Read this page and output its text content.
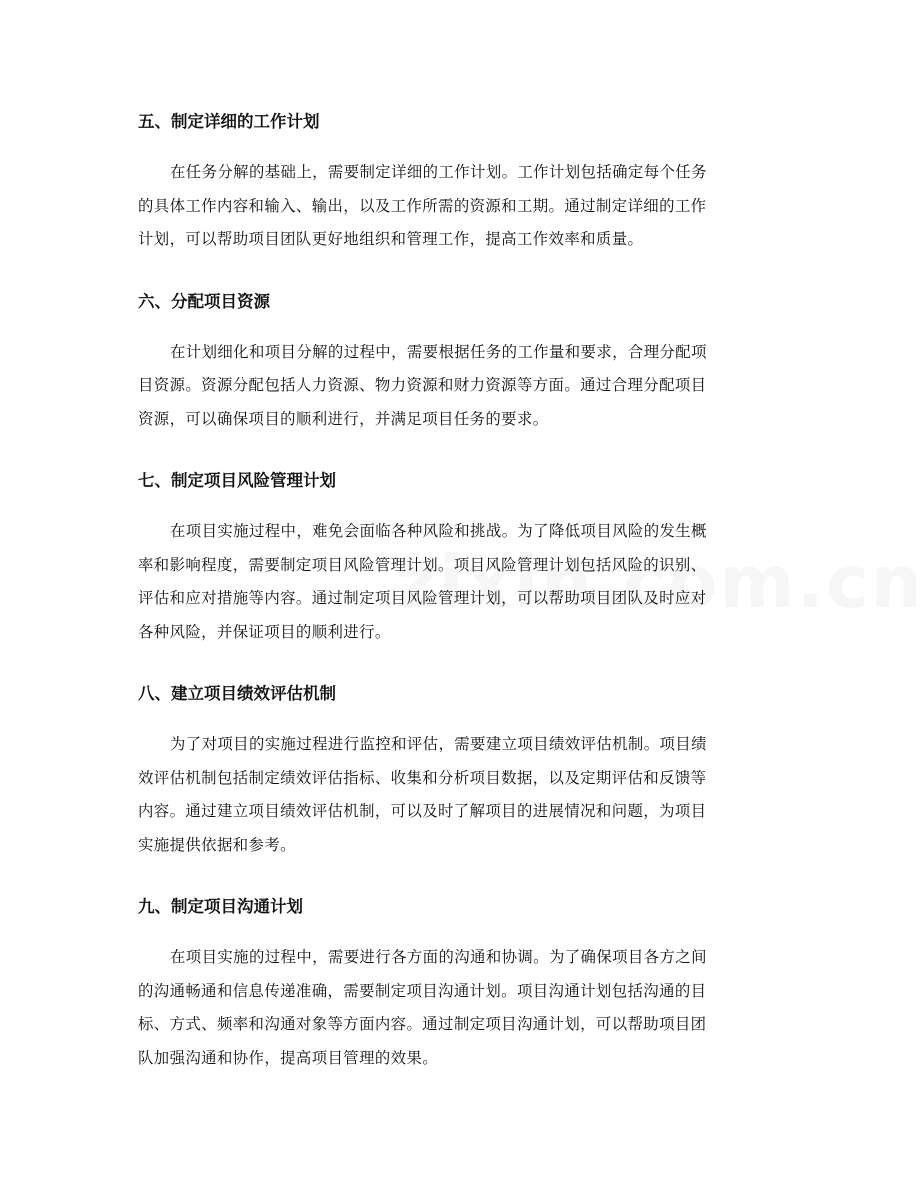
五、制定详细的工作计划
在任务分解的基础上，需要制定详细的工作计划。工作计划包括确定每个任务
的具体工作内容和输入、输出，以及工作所需的资源和工期。通过制定详细的工作
计划，可以帮助项目团队更好地组织和管理工作，提高工作效率和质量。
六、分配项目资源
在计划细化和项目分解的过程中，需要根据任务的工作量和要求，合理分配项
目资源。资源分配包括人力资源、物力资源和财力资源等方面。通过合理分配项目
资源，可以确保项目的顺利进行，并满足项目任务的要求。
七、制定项目风险管理计划
在项目实施过程中，难免会面临各种风险和挑战。为了降低项目风险的发生概
率和影响程度，需要制定项目风险管理计划。项目风险管理计划包括风险的识别、
评估和应对措施等内容。通过制定项目风险管理计划，可以帮助项目团队及时应对
各种风险，并保证项目的顺利进行。
八、建立项目绩效评估机制
为了对项目的实施过程进行监控和评估，需要建立项目绩效评估机制。项目绩
效评估机制包括制定绩效评估指标、收集和分析项目数据，以及定期评估和反馈等
内容。通过建立项目绩效评估机制，可以及时了解项目的进展情况和问题，为项目
实施提供依据和参考。
九、制定项目沟通计划
在项目实施的过程中，需要进行各方面的沟通和协调。为了确保项目各方之间
的沟通畅通和信息传递准确，需要制定项目沟通计划。项目沟通计划包括沟通的目
标、方式、频率和沟通对象等方面内容。通过制定项目沟通计划，可以帮助项目团
队加强沟通和协作，提高项目管理的效果。
